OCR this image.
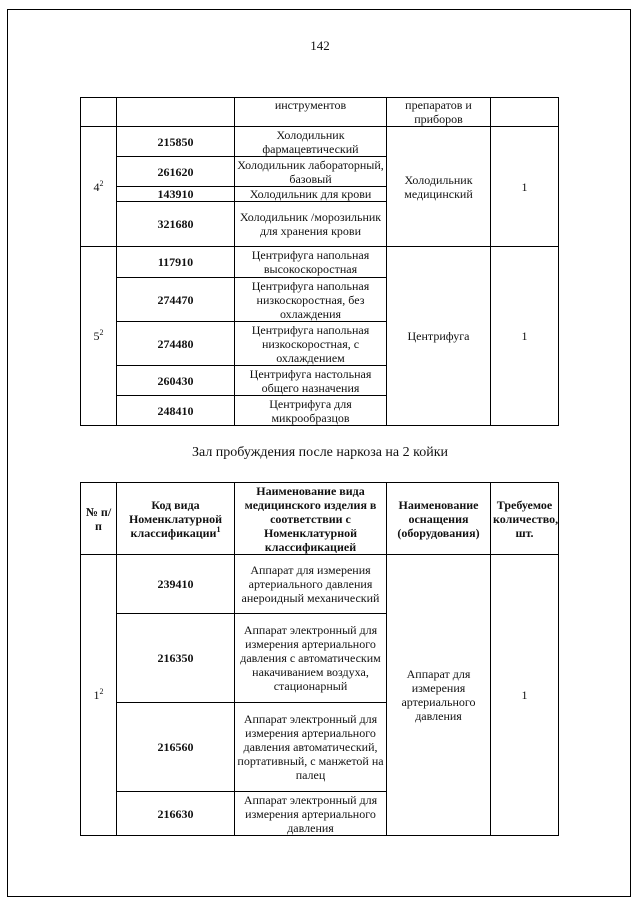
142
		инструментов	препаратов и приборов	
$4^2$	215850	Холодильник фармацевтический	Холодильник медицинский	1
	261620	Холодильник лабораторный, базовый		
	143910	Холодильник для крови		
	321680	Холодильник /морозильник для хранения крови		
$5^2$	117910	Центрифуга напольная высокоскоростная	Центрифуга	1
	274470	Центрифуга напольная низкоскоростная, без охлаждения		
	274480	Центрифуга напольная низкоскоростная, с охлаждением		
	260430	Центрифуга настольная общего назначения		
	248410	Центрифуга для микрообразцов		
Зал пробуждения после наркоза на 2 койки
№ п/п	Код вида Номенклатурной классификации$^1$	Наименование вида медицинского изделия в соответствии с Номенклатурной классификацией	Наименование оснащения (оборудования)	Требуемое количество, шт.
$1^2$	239410	Аппарат для измерения артериального давления анероидный механический	Аппарат для измерения артериального давления	1
	216350	Аппарат электронный для измерения артериального давления с автоматическим накачиванием воздуха, стационарный		
	216560	Аппарат электронный для измерения артериального давления автоматический, портативный, с манжетой на палец		
	216630	Аппарат электронный для измерения артериального давления		
